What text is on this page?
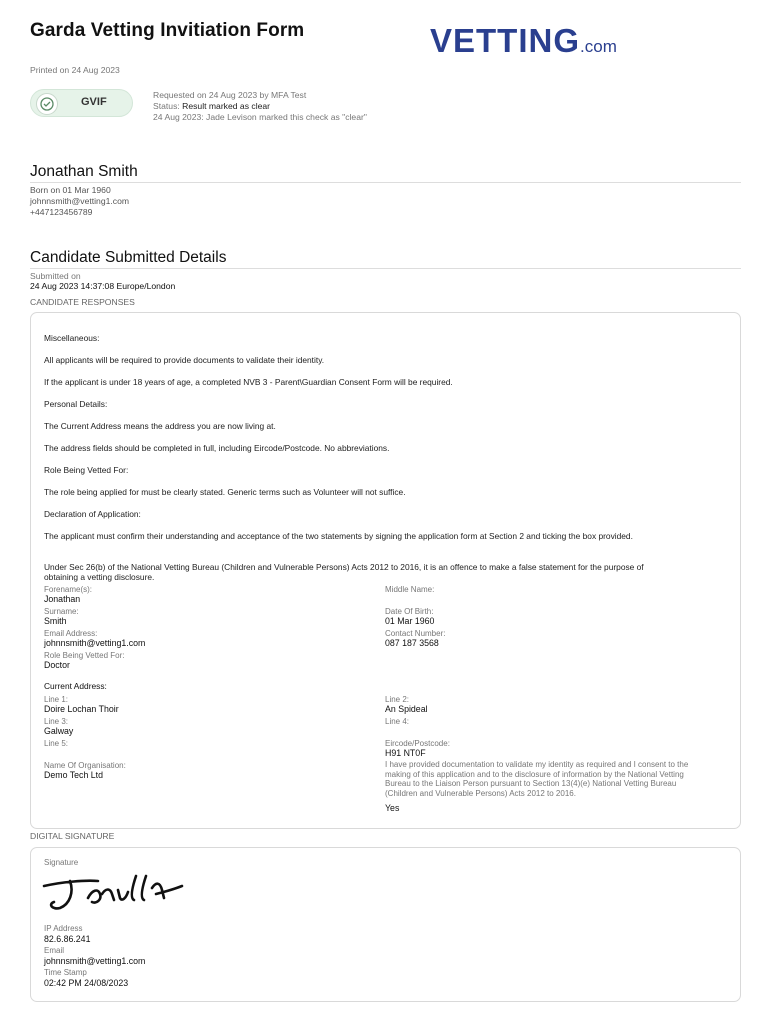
Garda Vetting Invitiation Form	VETTING.com
Printed on 24 Aug 2023
GVIF
Requested on 24 Aug 2023 by MFA Test
Status: Result marked as clear
24 Aug 2023: Jade Levison marked this check as "clear"
Jonathan Smith
Born on 01 Mar 1960
johnnsmith@vetting1.com
+447123456789
Candidate Submitted Details
Submitted on
24 Aug 2023 14:37:08 Europe/London
CANDIDATE RESPONSES
Miscellaneous:
All applicants will be required to provide documents to validate their identity.
If the applicant is under 18 years of age, a completed NVB 3 - Parent\Guardian Consent Form will be required.
Personal Details:
The Current Address means the address you are now living at.
The address fields should be completed in full, including Eircode/Postcode. No abbreviations.
Role Being Vetted For:
The role being applied for must be clearly stated. Generic terms such as Volunteer will not suffice.
Declaration of Application:
The applicant must confirm their understanding and acceptance of the two statements by signing the application form at Section 2 and ticking the box provided.
Under Sec 26(b) of the National Vetting Bureau (Children and Vulnerable Persons) Acts 2012 to 2016, it is an offence to make a false statement for the purpose of obtaining a vetting disclosure.
Forename(s):
Jonathan
Middle Name:
Surname:
Smith
Date Of Birth:
01 Mar 1960
Email Address:
johnnsmith@vetting1.com
Contact Number:
087 187 3568
Role Being Vetted For:
Doctor
Current Address:
Line 1:
Doire Lochan Thoir
Line 2:
An Spideal
Line 3:
Galway
Line 4:
Line 5:	Eircode/Postcode:
H91 NT0F
Name Of Organisation:
Demo Tech Ltd
I have provided documentation to validate my identity as required and I consent to the making of this application and to the disclosure of information by the National Vetting Bureau to the Liaison Person pursuant to Section 13(4)(e) National Vetting Bureau (Children and Vulnerable Persons) Acts 2012 to 2016.
Yes
DIGITAL SIGNATURE
Signature
IP Address
82.6.86.241
Email
johnnsmith@vetting1.com
Time Stamp
02:42 PM 24/08/2023
